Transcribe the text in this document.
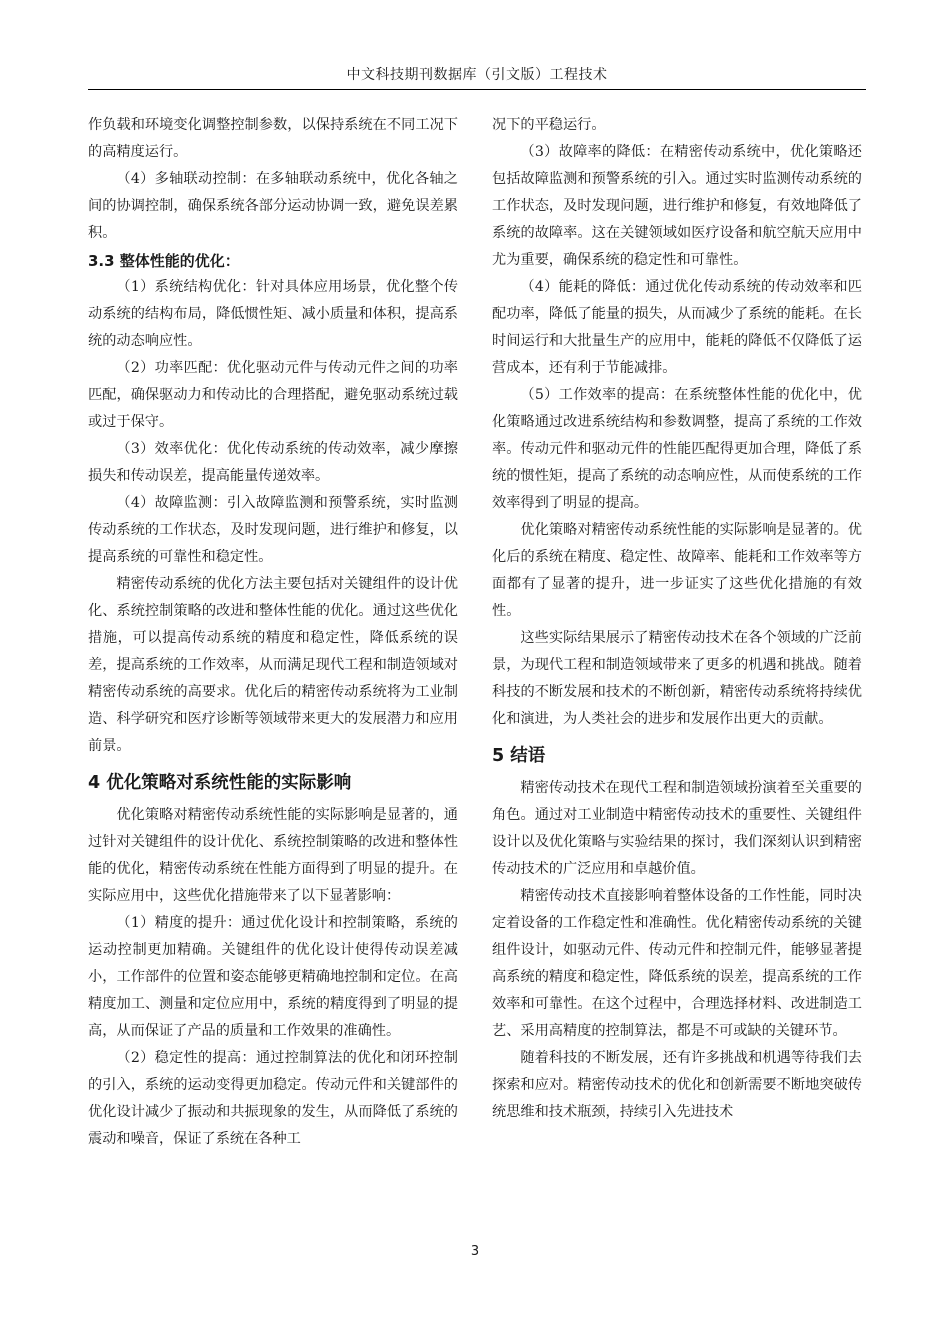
中文科技期刊数据库（引文版）工程技术

作负载和环境变化调整控制参数，以保持系统在不同工况下的高精度运行。

（4）多轴联动控制：在多轴联动系统中，优化各轴之间的协调控制，确保系统各部分运动协调一致，避免误差累积。

3.3 整体性能的优化：

（1）系统结构优化：针对具体应用场景，优化整个传动系统的结构布局，降低惯性矩、减小质量和体积，提高系统的动态响应性。

（2）功率匹配：优化驱动元件与传动元件之间的功率匹配，确保驱动力和传动比的合理搭配，避免驱动系统过载或过于保守。

（3）效率优化：优化传动系统的传动效率，减少摩擦损失和传动误差，提高能量传递效率。

（4）故障监测：引入故障监测和预警系统，实时监测传动系统的工作状态，及时发现问题，进行维护和修复，以提高系统的可靠性和稳定性。

精密传动系统的优化方法主要包括对关键组件的设计优化、系统控制策略的改进和整体性能的优化。通过这些优化措施，可以提高传动系统的精度和稳定性，降低系统的误差，提高系统的工作效率，从而满足现代工程和制造领域对精密传动系统的高要求。优化后的精密传动系统将为工业制造、科学研究和医疗诊断等领域带来更大的发展潜力和应用前景。

4 优化策略对系统性能的实际影响

优化策略对精密传动系统性能的实际影响是显著的，通过针对关键组件的设计优化、系统控制策略的改进和整体性能的优化，精密传动系统在性能方面得到了明显的提升。在实际应用中，这些优化措施带来了以下显著影响：

（1）精度的提升：通过优化设计和控制策略，系统的运动控制更加精确。关键组件的优化设计使得传动误差减小，工作部件的位置和姿态能够更精确地控制和定位。在高精度加工、测量和定位应用中，系统的精度得到了明显的提高，从而保证了产品的质量和工作效果的准确性。

（2）稳定性的提高：通过控制算法的优化和闭环控制的引入，系统的运动变得更加稳定。传动元件和关键部件的优化设计减少了振动和共振现象的发生，从而降低了系统的震动和噪音，保证了系统在各种工

况下的平稳运行。

（3）故障率的降低：在精密传动系统中，优化策略还包括故障监测和预警系统的引入。通过实时监测传动系统的工作状态，及时发现问题，进行维护和修复，有效地降低了系统的故障率。这在关键领域如医疗设备和航空航天应用中尤为重要，确保系统的稳定性和可靠性。

（4）能耗的降低：通过优化传动系统的传动效率和匹配功率，降低了能量的损失，从而减少了系统的能耗。在长时间运行和大批量生产的应用中，能耗的降低不仅降低了运营成本，还有利于节能减排。

（5）工作效率的提高：在系统整体性能的优化中，优化策略通过改进系统结构和参数调整，提高了系统的工作效率。传动元件和驱动元件的性能匹配得更加合理，降低了系统的惯性矩，提高了系统的动态响应性，从而使系统的工作效率得到了明显的提高。

优化策略对精密传动系统性能的实际影响是显著的。优化后的系统在精度、稳定性、故障率、能耗和工作效率等方面都有了显著的提升，进一步证实了这些优化措施的有效性。

这些实际结果展示了精密传动技术在各个领域的广泛前景，为现代工程和制造领域带来了更多的机遇和挑战。随着科技的不断发展和技术的不断创新，精密传动系统将持续优化和演进，为人类社会的进步和发展作出更大的贡献。

5 结语

精密传动技术在现代工程和制造领域扮演着至关重要的角色。通过对工业制造中精密传动技术的重要性、关键组件设计以及优化策略与实验结果的探讨，我们深刻认识到精密传动技术的广泛应用和卓越价值。

精密传动技术直接影响着整体设备的工作性能，同时决定着设备的工作稳定性和准确性。优化精密传动系统的关键组件设计，如驱动元件、传动元件和控制元件，能够显著提高系统的精度和稳定性，降低系统的误差，提高系统的工作效率和可靠性。在这个过程中，合理选择材料、改进制造工艺、采用高精度的控制算法，都是不可或缺的关键环节。

随着科技的不断发展，还有许多挑战和机遇等待我们去探索和应对。精密传动技术的优化和创新需要不断地突破传统思维和技术瓶颈，持续引入先进技术

3
